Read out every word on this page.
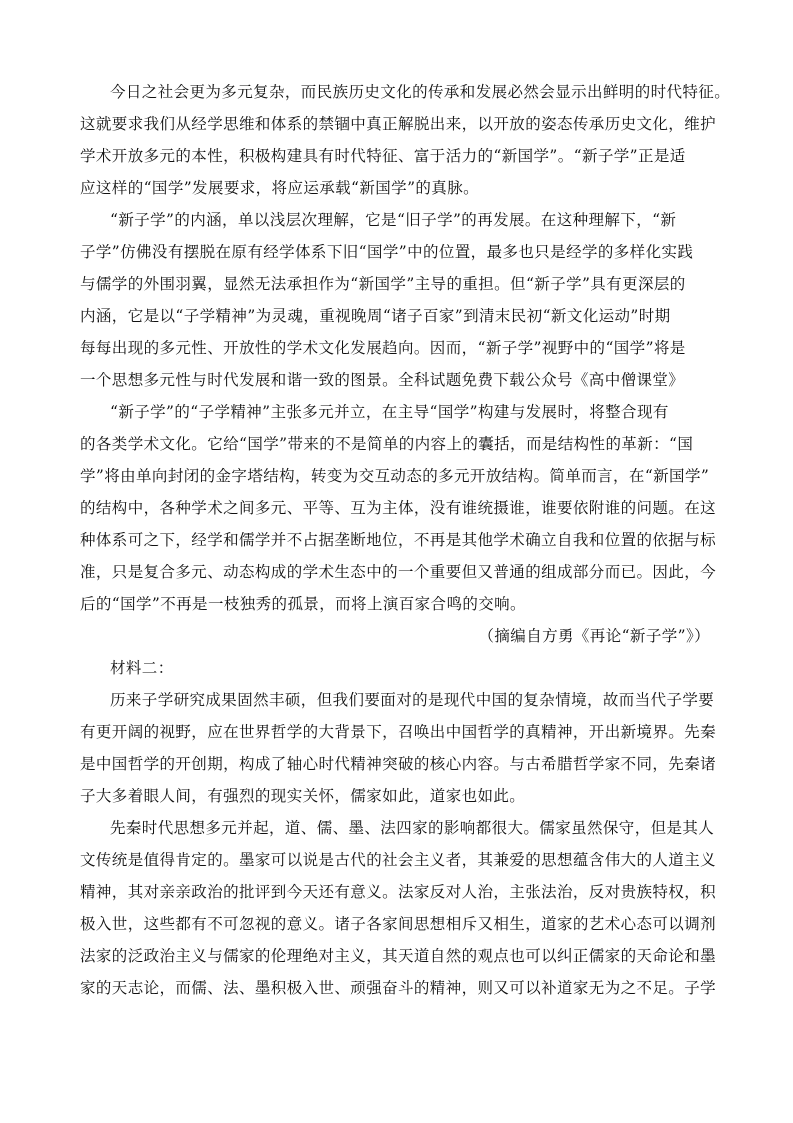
今日之社会更为多元复杂，而民族历史文化的传承和发展必然会显示出鲜明的时代特征。
这就要求我们从经学思维和体系的禁锢中真正解脱出来，以开放的姿态传承历史文化，维护
学术开放多元的本性，积极构建具有时代特征、富于活力的“新国学”。“新子学”正是适
应这样的“国学”发展要求，将应运承载“新国学”的真脉。
“新子学”的内涵，单以浅层次理解，它是“旧子学”的再发展。在这种理解下，“新
子学”仿佛没有摆脱在原有经学体系下旧“国学”中的位置，最多也只是经学的多样化实践
与儒学的外围羽翼，显然无法承担作为“新国学”主导的重担。但“新子学”具有更深层的
内涵，它是以“子学精神”为灵魂，重视晚周“诸子百家”到清末民初“新文化运动”时期
每每出现的多元性、开放性的学术文化发展趋向。因而，“新子学”视野中的“国学”将是
一个思想多元性与时代发展和谐一致的图景。全科试题免费下载公众号《高中僧课堂》
“新子学”的“子学精神”主张多元并立，在主导“国学”构建与发展时，将整合现有
的各类学术文化。它给“国学”带来的不是简单的内容上的囊括，而是结构性的革新：“国
学”将由单向封闭的金字塔结构，转变为交互动态的多元开放结构。简单而言，在“新国学”
的结构中，各种学术之间多元、平等、互为主体，没有谁统摄谁，谁要依附谁的问题。在这
种体系可之下，经学和儒学并不占据垄断地位，不再是其他学术确立自我和位置的依据与标
准，只是复合多元、动态构成的学术生态中的一个重要但又普通的组成部分而已。因此，今
后的“国学”不再是一枝独秀的孤景，而将上演百家合鸣的交响。
（摘编自方勇《再论“新子学”》）
材料二：
历来子学研究成果固然丰硕，但我们要面对的是现代中国的复杂情境，故而当代子学要
有更开阔的视野，应在世界哲学的大背景下，召唤出中国哲学的真精神，开出新境界。先秦
是中国哲学的开创期，构成了轴心时代精神突破的核心内容。与古希腊哲学家不同，先秦诸
子大多着眼人间，有强烈的现实关怀，儒家如此，道家也如此。
先秦时代思想多元并起，道、儒、墨、法四家的影响都很大。儒家虽然保守，但是其人
文传统是值得肯定的。墨家可以说是古代的社会主义者，其兼爱的思想蕴含伟大的人道主义
精神，其对亲亲政治的批评到今天还有意义。法家反对人治，主张法治，反对贵族特权，积
极入世，这些都有不可忽视的意义。诸子各家间思想相斥又相生，道家的艺术心态可以调剂
法家的泛政治主义与儒家的伦理绝对主义，其天道自然的观点也可以纠正儒家的天命论和墨
家的天志论，而儒、法、墨积极入世、顽强奋斗的精神，则又可以补道家无为之不足。子学
